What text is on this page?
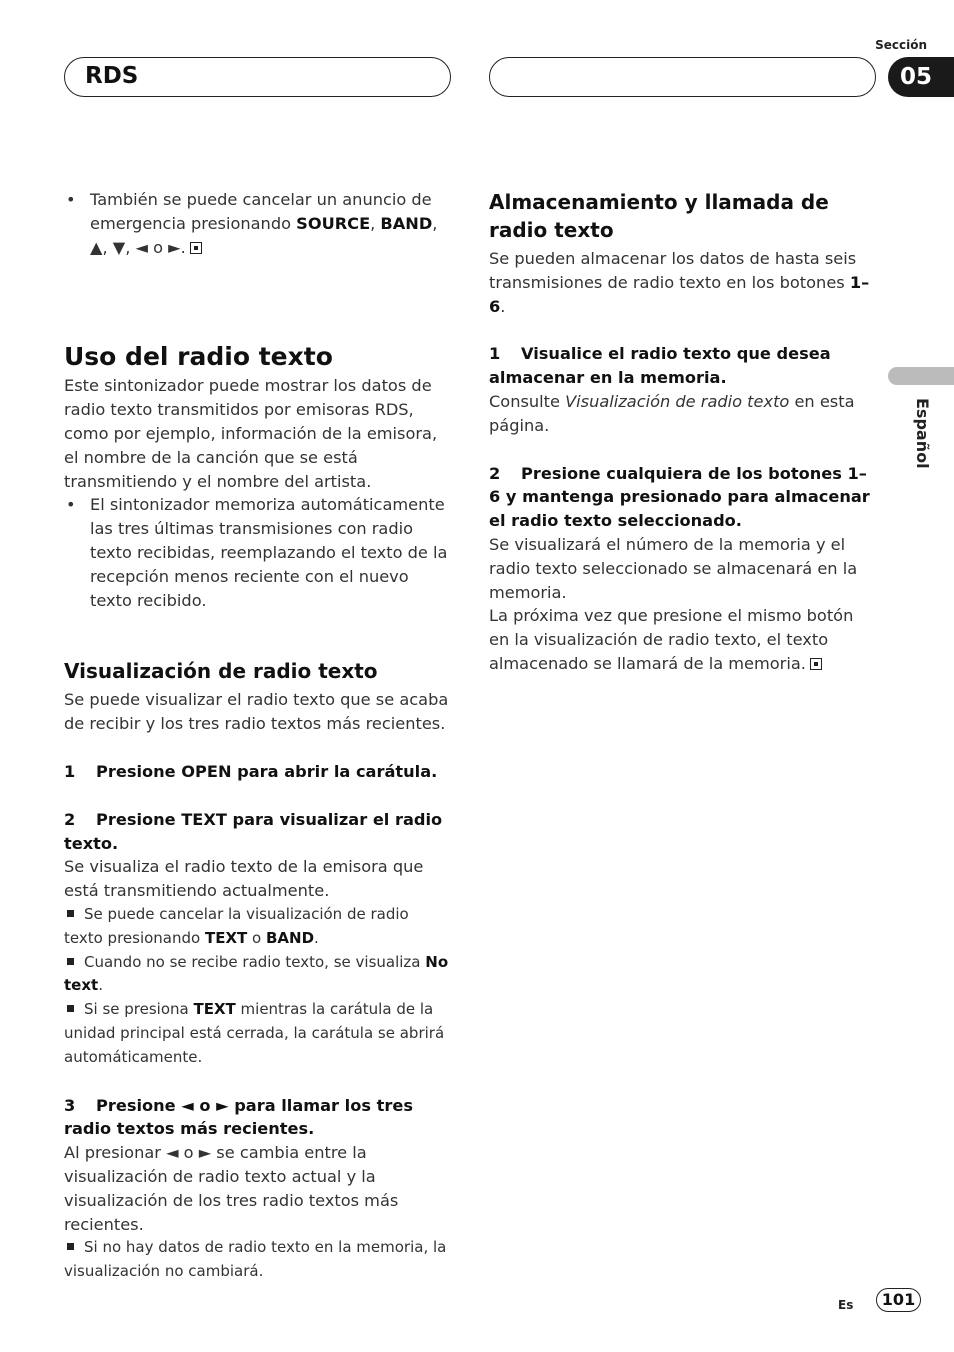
RDS
Sección
05
Español

• También se puede cancelar un anuncio de emergencia presionando SOURCE, BAND, ▲, ▼, ◄ o ►.

Uso del radio texto

Este sintonizador puede mostrar los datos de radio texto transmitidos por emisoras RDS, como por ejemplo, información de la emisora, el nombre de la canción que se está transmitiendo y el nombre del artista.

• El sintonizador memoriza automáticamente las tres últimas transmisiones con radio texto recibidas, reemplazando el texto de la recepción menos reciente con el nuevo texto recibido.

Visualización de radio texto

Se puede visualizar el radio texto que se acaba de recibir y los tres radio textos más recientes.

1 Presione OPEN para abrir la carátula.

2 Presione TEXT para visualizar el radio texto.

Se visualiza el radio texto de la emisora que está transmitiendo actualmente.

Se puede cancelar la visualización de radio texto presionando TEXT o BAND.

Cuando no se recibe radio texto, se visualiza No text.

Si se presiona TEXT mientras la carátula de la unidad principal está cerrada, la carátula se abrirá automáticamente.

3 Presione ◄ o ► para llamar los tres radio textos más recientes.

Al presionar ◄ o ► se cambia entre la visualización de radio texto actual y la visualización de los tres radio textos más recientes.

Si no hay datos de radio texto en la memoria, la visualización no cambiará.

Almacenamiento y llamada de radio texto

Se pueden almacenar los datos de hasta seis transmisiones de radio texto en los botones 1–6.

1 Visualice el radio texto que desea almacenar en la memoria.

Consulte Visualización de radio texto en esta página.

2 Presione cualquiera de los botones 1–6 y mantenga presionado para almacenar el radio texto seleccionado.

Se visualizará el número de la memoria y el radio texto seleccionado se almacenará en la memoria.

La próxima vez que presione el mismo botón en la visualización de radio texto, el texto almacenado se llamará de la memoria.

Es	101
